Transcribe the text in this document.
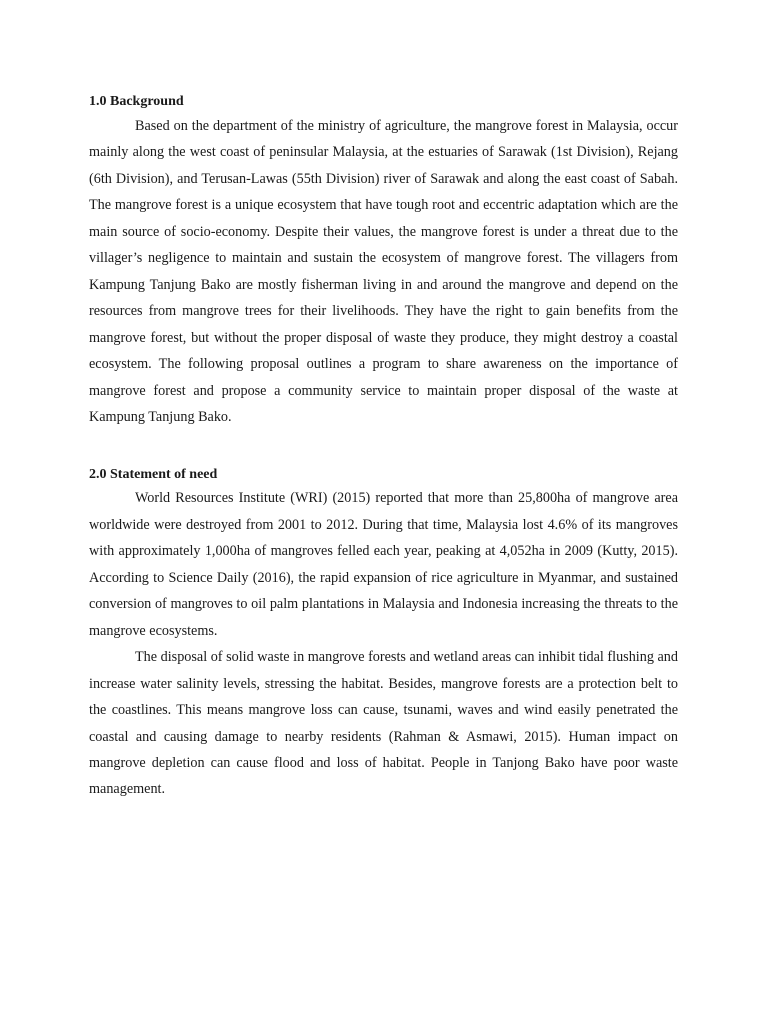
1.0 Background

Based on the department of the ministry of agriculture, the mangrove forest in Malaysia, occur mainly along the west coast of peninsular Malaysia, at the estuaries of Sarawak (1st Division), Rejang (6th Division), and Terusan-Lawas (55th Division) river of Sarawak and along the east coast of Sabah. The mangrove forest is a unique ecosystem that have tough root and eccentric adaptation which are the main source of socio-economy. Despite their values, the mangrove forest is under a threat due to the villager’s negligence to maintain and sustain the ecosystem of mangrove forest. The villagers from Kampung Tanjung Bako are mostly fisherman living in and around the mangrove and depend on the resources from mangrove trees for their livelihoods. They have the right to gain benefits from the mangrove forest, but without the proper disposal of waste they produce, they might destroy a coastal ecosystem. The following proposal outlines a program to share awareness on the importance of mangrove forest and propose a community service to maintain proper disposal of the waste at Kampung Tanjung Bako.

2.0 Statement of need

World Resources Institute (WRI) (2015) reported that more than 25,800ha of mangrove area worldwide were destroyed from 2001 to 2012. During that time, Malaysia lost 4.6% of its mangroves with approximately 1,000ha of mangroves felled each year, peaking at 4,052ha in 2009 (Kutty, 2015). According to Science Daily (2016), the rapid expansion of rice agriculture in Myanmar, and sustained conversion of mangroves to oil palm plantations in Malaysia and Indonesia increasing the threats to the mangrove ecosystems.

The disposal of solid waste in mangrove forests and wetland areas can inhibit tidal flushing and increase water salinity levels, stressing the habitat. Besides, mangrove forests are a protection belt to the coastlines. This means mangrove loss can cause, tsunami, waves and wind easily penetrated the coastal and causing damage to nearby residents (Rahman & Asmawi, 2015). Human impact on mangrove depletion can cause flood and loss of habitat. People in Tanjong Bako have poor waste management.
